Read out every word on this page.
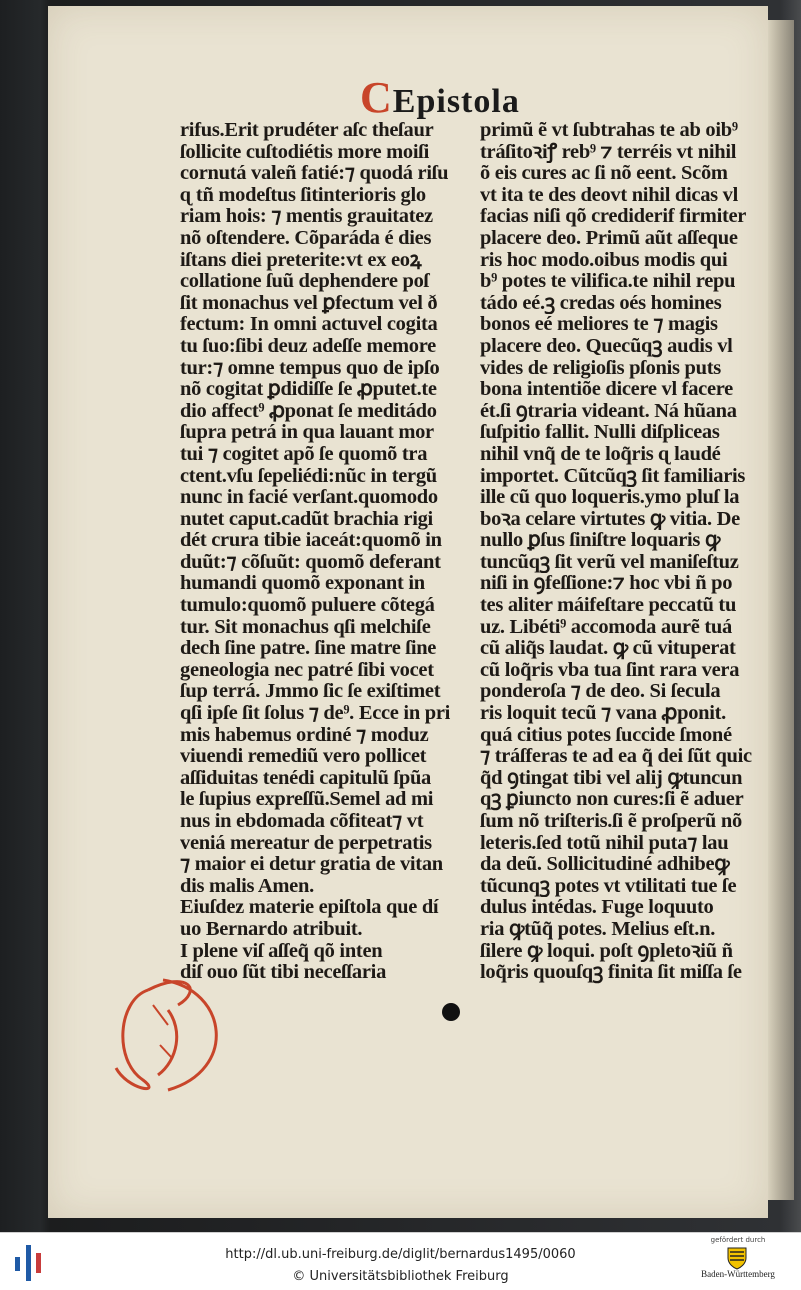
CEpistola
rifus.Erit prudéter aſc theſaur
ſollicite cuſtodiétis more moiſi
cornutá valeñ fatié:⁊ quodá riſu
ɋ tñ modeſtus ſitinterioris glo
riam hois: ⁊ mentis grauitatez
nõ oſtendere. Cõparáda é dies
iſtans diei preterite:vt ex eoꝝ
collatione ſuũ dephendere poſ
ſit monachus vel ꝑfectum vel ð
fectum: In omni actuvel cogita
tu ſuo:ſibi deuz adeſſe memore
tur:⁊ omne tempus quo de ipſo
nõ cogitat ꝑdidiſſe ſe ꝓputet.te
dio affect⁹ ꝓponat ſe meditádo
ſupra petrá in qua lauant mor
tui ⁊ cogitet apõ ſe quomõ tra
ctent.vſu ſepeliédi:nũc in tergũ
nunc in facié verſant.quomodo
nutet caput.cadũt brachia rigi
dét crura tibie iaceát:quomõ in
duũt:⁊ cõſuũt: quomõ deferant
humandi quomõ exponant in
tumulo:quomõ puluere cõtegá
tur. Sit monachus qſi melchiſe
dech ſine patre. ſine matre ſine
geneologia nec patré ſibi vocet
ſup terrá. Jmmo ſic ſe exiſtimet
qſi ipſe ſit ſolus ⁊ de⁹. Ecce in pri
mis habemus ordiné ⁊ moduz
viuendi remediũ vero pollicet
aſſiduitas tenédi capitulũ ſpũa
le ſupius expreſſũ.Semel ad mi
nus in ebdomada cõfiteat⁊ vt
veniá mereatur de perpetratis
⁊ maior ei detur gratia de vitan
dis malis Amen.
Eiuſdez materie epiſtola que dí
uo Bernardo atribuit.
I plene viſ aſſeq̃ qõ inten
diſ ouo ſũt tibi neceſſaria
primũ ẽ vt ſubtrahas te ab oib⁹
tráſitoꝛiꝭ reb⁹ ⁊ terréis vt nihil
õ eis cures ac ſi nõ eent. Scõm
vt ita te des deovt nihil dicas vl
facias niſi qõ crediderif firmiter
placere deo. Primũ aũt aſſeque
ris hoc modo.oibus modis qui
b⁹ potes te vilifica.te nihil repu
tádo eé.ꝫ credas oés homines
bonos eé meliores te ⁊ magis
placere deo. Quecũqꝫ audis vl
vides de religioſis pſonis puts
bona intentiõe dicere vl facere
ét.ſi ꝯtraria videant. Ná hũana
ſuſpitio fallit. Nulli diſpliceas
nihil vnq̃ de te loq̃ris ɋ laudé
importet. Cũtcũqꝫ ſit familiaris
ille cũ quo loqueris.ymo pluſ la
boꝛa celare virtutes ꝙ vitia. De
nullo ꝑſus ſiniſtre loquaris ꝙ
tuncũqꝫ ſit verũ vel maniſeſtuz
niſi in ꝯfeſſione:⁊ hoc vbi ñ po
tes aliter máifeſtare peccatũ tu
uz. Libéti⁹ accomoda aurẽ tuá
cũ aliq̃s laudat. ꝙ cũ vituperat
cũ loq̃ris vba tua ſint rara vera
ponderoſa ⁊ de deo. Si ſecula
ris loquit tecũ ⁊ vana ꝓponit.
quá citius potes ſuccide ſmoné
⁊ tráſferas te ad ea q̃ dei ſũt quic
q̃d ꝯtingat tibi vel alij ꝙtuncun
qꝫ ꝑiuncto non cures:ſi ẽ aduer
ſum nõ triſteris.ſi ẽ proſperũ nõ
leteris.ſed totũ nihil puta⁊ lau
da deũ. Sollicitudiné adhibeꝙ
tũcunqꝫ potes vt vtilitati tue ſe
dulus intédas. Fuge loquuto
ria ꝙtũq̃ potes. Melius eſt.n.
ſilere ꝙ loqui. poſt ꝯpletoꝛiũ ñ
loq̃ris quouſqꝫ finita ſit miſſa ſe
http://dl.ub.uni-freiburg.de/diglit/bernardus1495/0060
© Universitätsbibliothek Freiburg
gefördert durch
Baden-Württemberg
